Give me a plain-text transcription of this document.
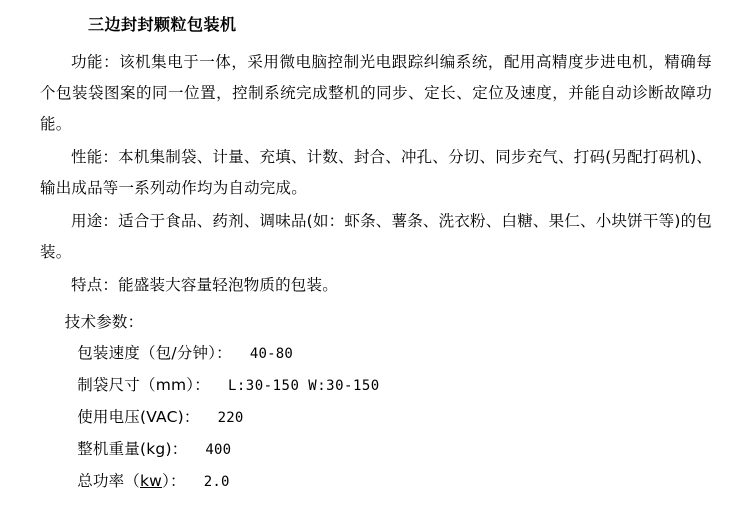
三边封封颗粒包装机

功能：该机集电于一体，采用微电脑控制光电跟踪纠编系统，配用高精度步进电机，精确每个包装袋图案的同一位置，控制系统完成整机的同步、定长、定位及速度，并能自动诊断故障功能。

性能：本机集制袋、计量、充填、计数、封合、冲孔、分切、同步充气、打码(另配打码机)、输出成品等一系列动作均为自动完成。

用途：适合于食品、药剂、调味品(如：虾条、薯条、洗衣粉、白糖、果仁、小块饼干等)的包装。

特点：能盛装大容量轻泡物质的包装。

技术参数：
包装速度（包/分钟）： 40-80
制袋尺寸（mm）： L:30-150 W:30-150
使用电压(VAC)： 220
整机重量(kg)： 400
总功率（kw）： 2.0
